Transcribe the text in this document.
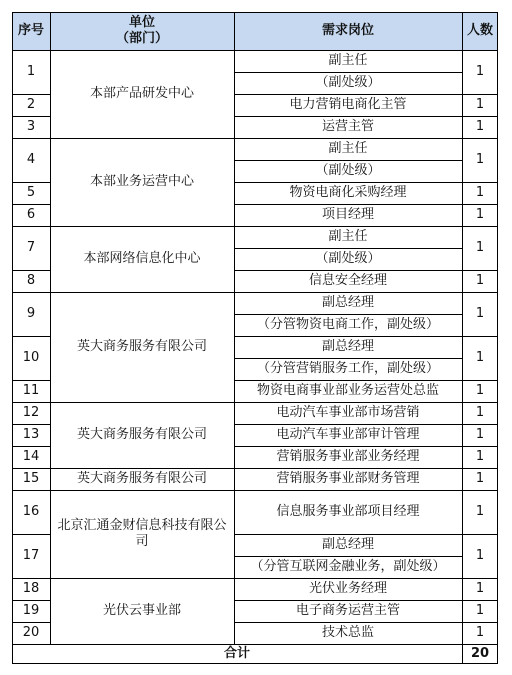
序号
单位
（部门）
需求岗位	人数
1
2
3
4
5
6
7
8
9
10
11
12
13
14
15
16
17
18
19
20
本部产品研发中心
本部业务运营中心
本部网络信息化中心
英大商务服务有限公司
英大商务服务有限公司
英大商务服务有限公司
北京汇通金财信息科技有限公司
光伏云事业部
副主任
（副处级）
电力营销电商化主管
运营主管
副主任
（副处级）
物资电商化采购经理
项目经理
副主任
（副处级）
信息安全经理
副总经理
（分管物资电商工作，副处级）
副总经理
（分管营销服务工作，副处级）
物资电商事业部业务运营处总监
电动汽车事业部市场营销
电动汽车事业部审计管理
营销服务事业部业务经理
营销服务事业部财务管理
信息服务事业部项目经理
副总经理
（分管互联网金融业务，副处级）
光伏业务经理
电子商务运营主管
技术总监
1
1
1
1
1
1
1
1
1
1
1
1
1
1
1
1
1
1
1
1
合计	20
